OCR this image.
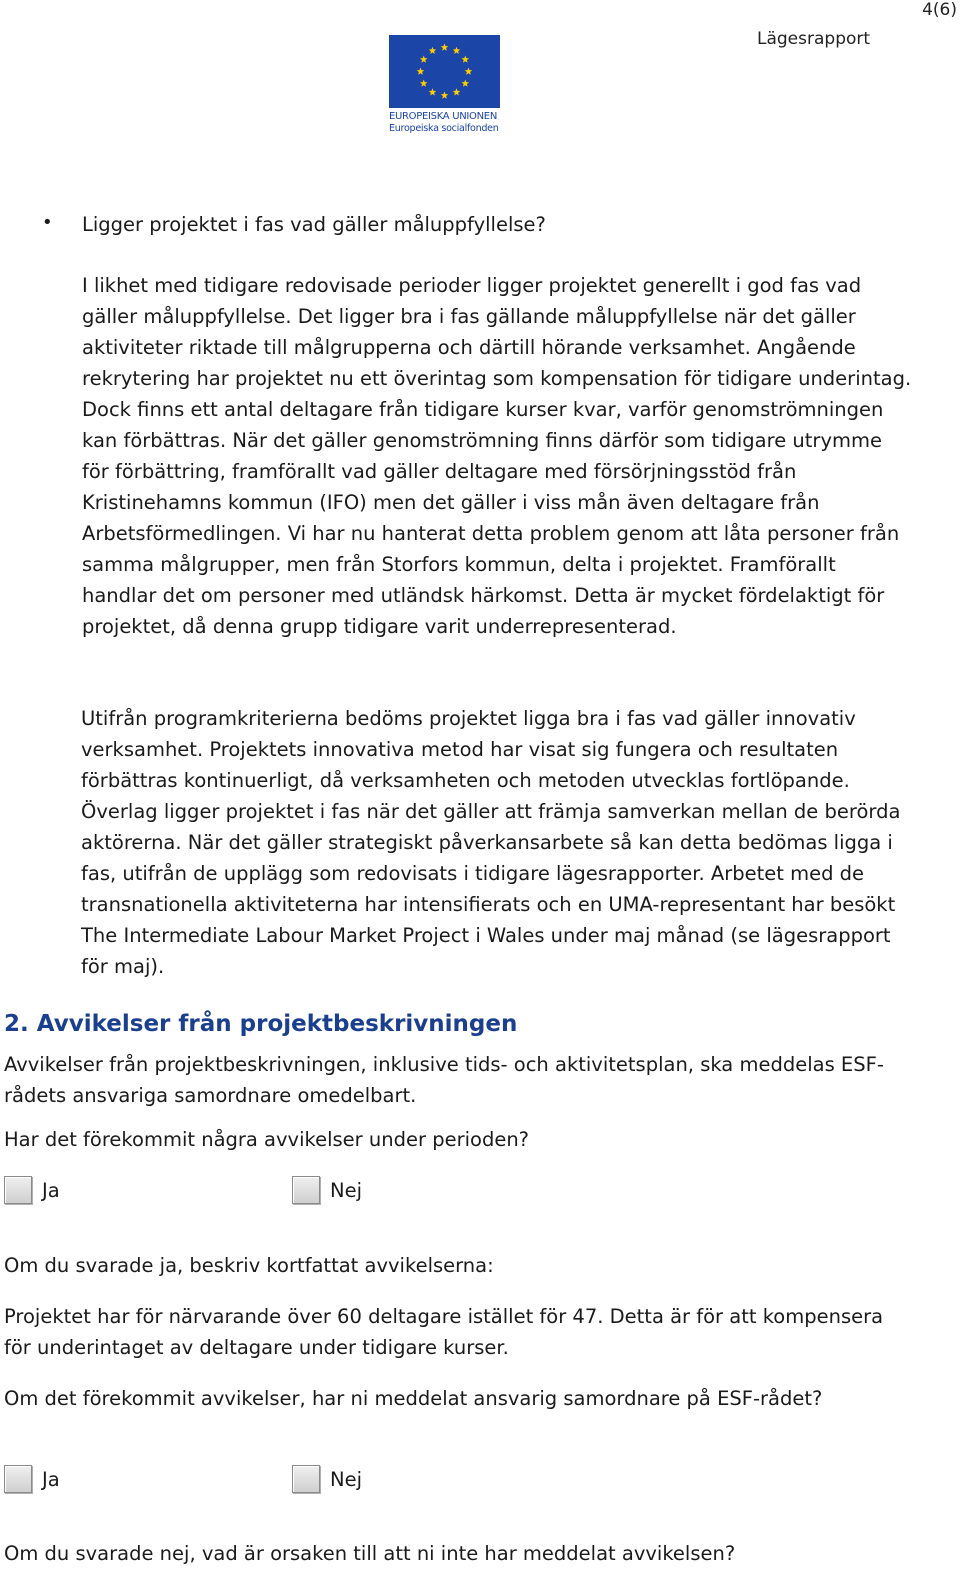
4(6)
Lägesrapport
EUROPEISKA UNIONEN
Europeiska socialfonden
• Ligger projektet i fas vad gäller måluppfyllelse?

I likhet med tidigare redovisade perioder ligger projektet generellt i god fas vad gäller måluppfyllelse. Det ligger bra i fas gällande måluppfyllelse när det gäller aktiviteter riktade till målgrupperna och därtill hörande verksamhet. Angående rekrytering har projektet nu ett överintag som kompensation för tidigare underintag. Dock finns ett antal deltagare från tidigare kurser kvar, varför genomströmningen kan förbättras. När det gäller genomströmning finns därför som tidigare utrymme för förbättring, framförallt vad gäller deltagare med försörjningsstöd från Kristinehamns kommun (IFO) men det gäller i viss mån även deltagare från Arbetsförmedlingen. Vi har nu hanterat detta problem genom att låta personer från samma målgrupper, men från Storfors kommun, delta i projektet. Framförallt handlar det om personer med utländsk härkomst. Detta är mycket fördelaktigt för projektet, då denna grupp tidigare varit underrepresenterad.

Utifrån programkriterierna bedöms projektet ligga bra i fas vad gäller innovativ verksamhet. Projektets innovativa metod har visat sig fungera och resultaten förbättras kontinuerligt, då verksamheten och metoden utvecklas fortlöpande. Överlag ligger projektet i fas när det gäller att främja samverkan mellan de berörda aktörerna. När det gäller strategiskt påverkansarbete så kan detta bedömas ligga i fas, utifrån de upplägg som redovisats i tidigare lägesrapporter. Arbetet med de transnationella aktiviteterna har intensifierats och en UMA-representant har besökt The Intermediate Labour Market Project i Wales under maj månad (se lägesrapport för maj).

2. Avvikelser från projektbeskrivningen

Avvikelser från projektbeskrivningen, inklusive tids- och aktivitetsplan, ska meddelas ESF-rådets ansvariga samordnare omedelbart.

Har det förekommit några avvikelser under perioden?

Ja	Nej

Om du svarade ja, beskriv kortfattat avvikelserna:

Projektet har för närvarande över 60 deltagare istället för 47. Detta är för att kompensera för underintaget av deltagare under tidigare kurser.

Om det förekommit avvikelser, har ni meddelat ansvarig samordnare på ESF-rådet?

Ja	Nej

Om du svarade nej, vad är orsaken till att ni inte har meddelat avvikelsen?
